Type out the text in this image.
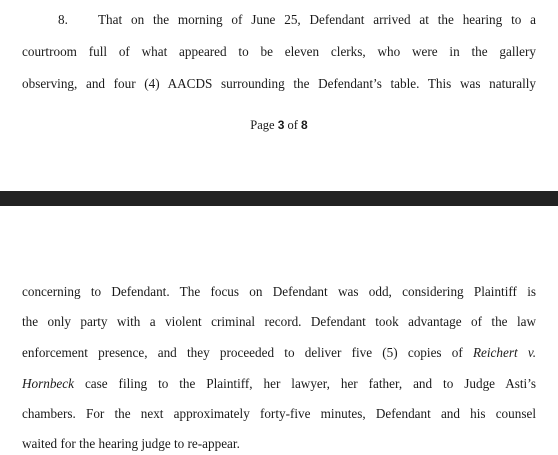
8. That on the morning of June 25, Defendant arrived at the hearing to a
courtroom full of what appeared to be eleven clerks, who were in the gallery
observing, and four (4) AACDS surrounding the Defendant’s table. This was naturally
Page 3 of 8
concerning to Defendant. The focus on Defendant was odd, considering Plaintiff is
the only party with a violent criminal record. Defendant took advantage of the law
enforcement presence, and they proceeded to deliver five (5) copies of Reichert v.
Hornbeck case filing to the Plaintiff, her lawyer, her father, and to Judge Asti’s
chambers. For the next approximately forty-five minutes, Defendant and his counsel
waited for the hearing judge to re-appear.
